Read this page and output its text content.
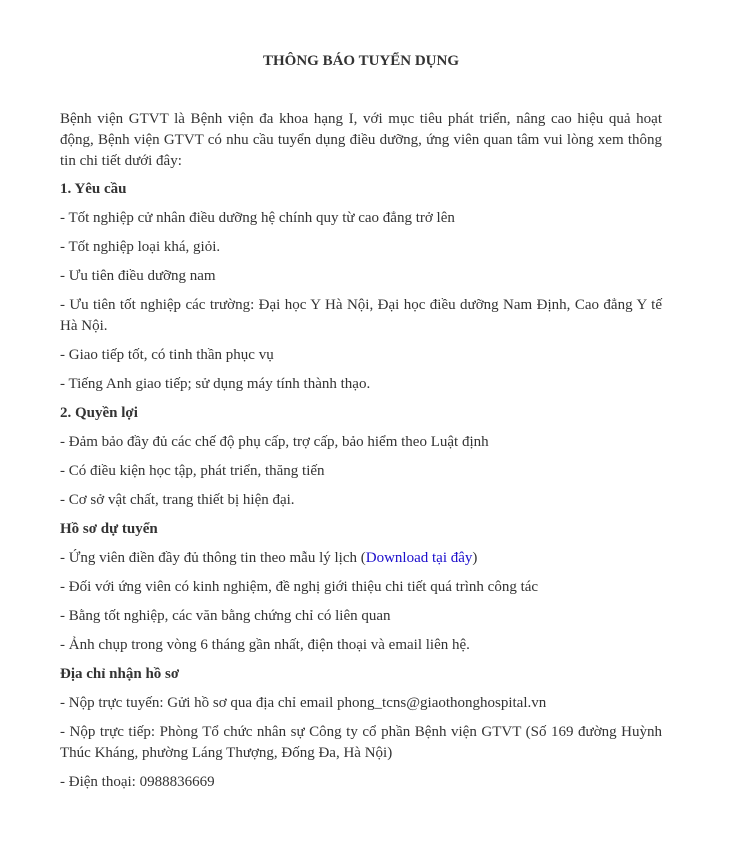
THÔNG BÁO TUYỂN DỤNG

Bệnh viện GTVT là Bệnh viện đa khoa hạng I, với mục tiêu phát triển, nâng cao hiệu quả hoạt động, Bệnh viện GTVT có nhu cầu tuyển dụng điều dưỡng, ứng viên quan tâm vui lòng xem thông tin chi tiết dưới đây:

1. Yêu cầu

- Tốt nghiệp cử nhân điều dưỡng hệ chính quy từ cao đẳng trở lên

- Tốt nghiệp loại khá, giỏi.

- Ưu tiên điều dưỡng nam

- Ưu tiên tốt nghiệp các trường: Đại học Y Hà Nội, Đại học điều dưỡng Nam Định, Cao đẳng Y tế Hà Nội.

- Giao tiếp tốt, có tinh thần phục vụ

- Tiếng Anh giao tiếp; sử dụng máy tính thành thạo.

2. Quyền lợi

- Đảm bảo đầy đủ các chế độ phụ cấp, trợ cấp, bảo hiểm theo Luật định

- Có điều kiện học tập, phát triển, thăng tiến

- Cơ sở vật chất, trang thiết bị hiện đại.

Hồ sơ dự tuyển

- Ứng viên điền đầy đủ thông tin theo mẫu lý lịch (Download tại đây)

- Đối với ứng viên có kinh nghiệm, đề nghị giới thiệu chi tiết quá trình công tác

- Bằng tốt nghiệp, các văn bằng chứng chỉ có liên quan

- Ảnh chụp trong vòng 6 tháng gần nhất, điện thoại và email liên hệ.

Địa chỉ nhận hồ sơ

- Nộp trực tuyến: Gửi hồ sơ qua địa chỉ email phong_tcns@giaothonghospital.vn

- Nộp trực tiếp: Phòng Tổ chức nhân sự Công ty cổ phần Bệnh viện GTVT (Số 169 đường Huỳnh Thúc Kháng, phường Láng Thượng, Đống Đa, Hà Nội)

- Điện thoại: 0988836669
